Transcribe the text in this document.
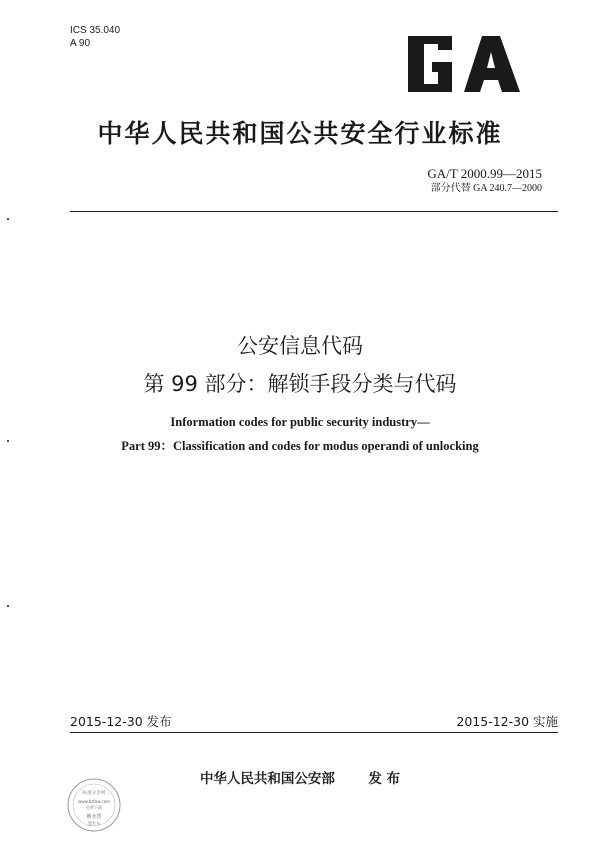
ICS 35.040
A 90
GA
中华人民共和国公共安全行业标准
GA/T 2000.99—2015
部分代替 GA 240.7—2000
公安信息代码
第 99 部分：解锁手段分类与代码
Information codes for public security industry—
Part 99：Classification and codes for modus operandi of unlocking
2015-12-30 发布	2015-12-30 实施
中华人民共和国公安部 发 布
标准分享网
www.bzfxw.com
免费下载
则水替
置发布
